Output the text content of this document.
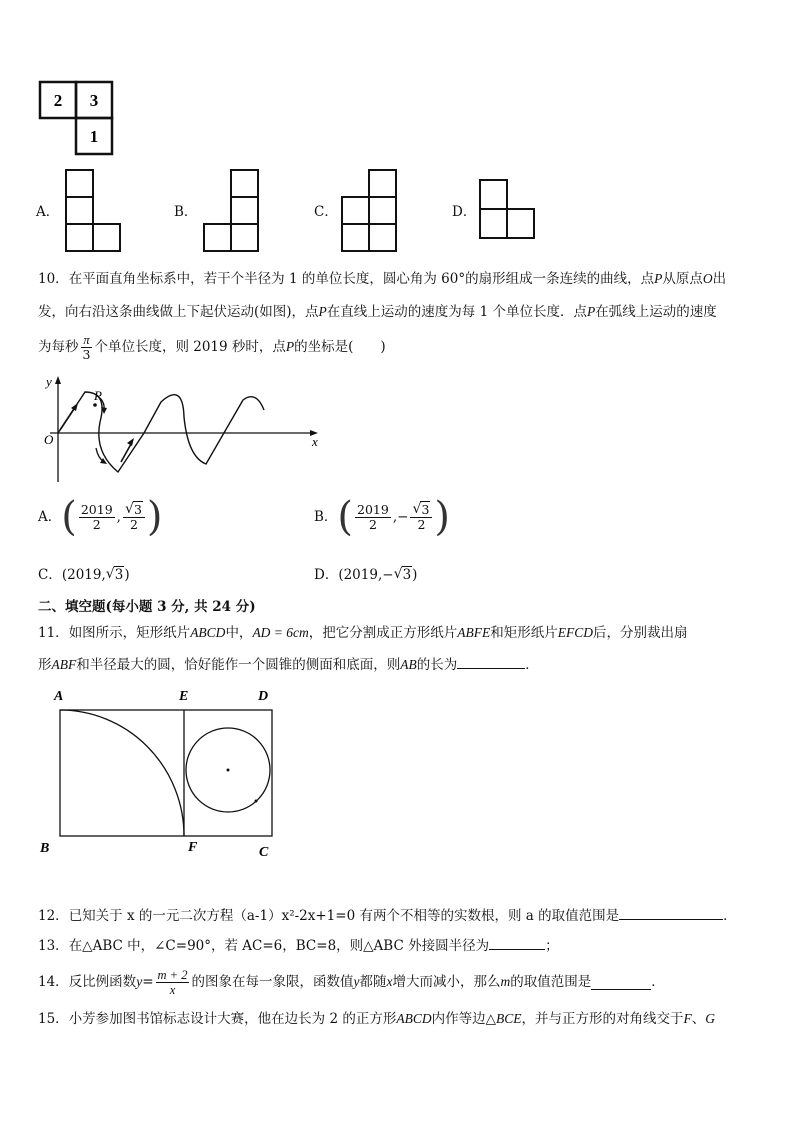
2 3
1
A．	B．	C．	D．
10．在平面直角坐标系中，若干个半径为 1 的单位长度，圆心角为 60°的扇形组成一条连续的曲线，点P从原点O出
发，向右沿这条曲线做上下起伏运动(如图)，点P在直线上运动的速度为每 1 个单位长度．点P在弧线上运动的速度
为每秒 $\frac{\pi}{3}$ 个单位长度，则 2019 秒时，点 P 的坐标是(　　)
y
x
O
P
A． ( $\frac{2019}{2}$ , $\frac{√ 3}{2}$ )	B． ( $\frac{2019}{2}$ ,− $\frac{√ 3}{2}$ )
C．(2019, √ 3)	D．(2019,− √ 3)
二、填空题(每小题 3 分, 共 24 分)
11．如图所示，矩形纸片ABCD中，AD = 6cm，把它分割成正方形纸片ABFE和矩形纸片EFCD后，分别裁出扇
形ABF和半径最大的圆，恰好能作一个圆锥的侧面和底面，则AB的长为	．
A	E	D
B	F	C
12．已知关于 x 的一元二次方程（a-1）x²-2x+1=0 有两个不相等的实数根，则 a 的取值范围是	．
13．在△ABC 中，∠C=90°，若 AC=6，BC=8，则△ABC 外接圆半径为	；
14． 反比例函数 $y = \frac{m + 2}{x}$ 的图象在每一象限，函数值 y 都随 x 增大而减小，那么 m 的取值范围是	．
15．小芳参加图书馆标志设计大赛，他在边长为 2 的正方形ABCD内作等边△BCE，并与正方形的对角线交于F、G
